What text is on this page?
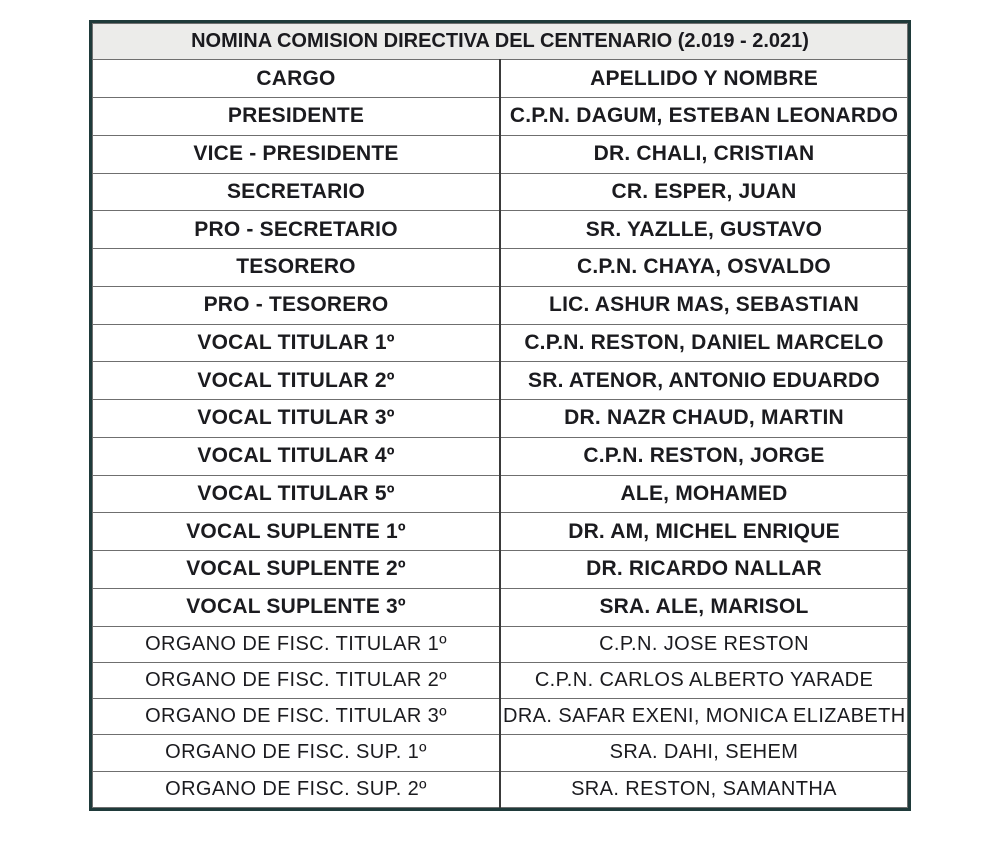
NOMINA COMISION DIRECTIVA DEL CENTENARIO (2.019 - 2.021)	
CARGO	APELLIDO Y NOMBRE
PRESIDENTE	C.P.N. DAGUM, ESTEBAN LEONARDO
VICE - PRESIDENTE	DR. CHALI, CRISTIAN
SECRETARIO	CR. ESPER, JUAN
PRO - SECRETARIO	SR. YAZLLE, GUSTAVO
TESORERO	C.P.N. CHAYA, OSVALDO
PRO - TESORERO	LIC. ASHUR MAS, SEBASTIAN
VOCAL TITULAR 1º	C.P.N. RESTON, DANIEL MARCELO
VOCAL TITULAR 2º	SR. ATENOR, ANTONIO EDUARDO
VOCAL TITULAR 3º	DR. NAZR CHAUD, MARTIN
VOCAL TITULAR 4º	C.P.N. RESTON, JORGE
VOCAL TITULAR 5º	ALE, MOHAMED
VOCAL SUPLENTE 1º	DR. AM, MICHEL ENRIQUE
VOCAL SUPLENTE 2º	DR. RICARDO NALLAR
VOCAL SUPLENTE 3º	SRA. ALE, MARISOL
ORGANO DE FISC. TITULAR 1º	C.P.N. JOSE RESTON
ORGANO DE FISC. TITULAR 2º	C.P.N. CARLOS ALBERTO YARADE
ORGANO DE FISC. TITULAR 3º	DRA. SAFAR EXENI, MONICA ELIZABETH
ORGANO DE FISC. SUP. 1º	SRA. DAHI, SEHEM
ORGANO DE FISC. SUP. 2º	SRA. RESTON, SAMANTHA
